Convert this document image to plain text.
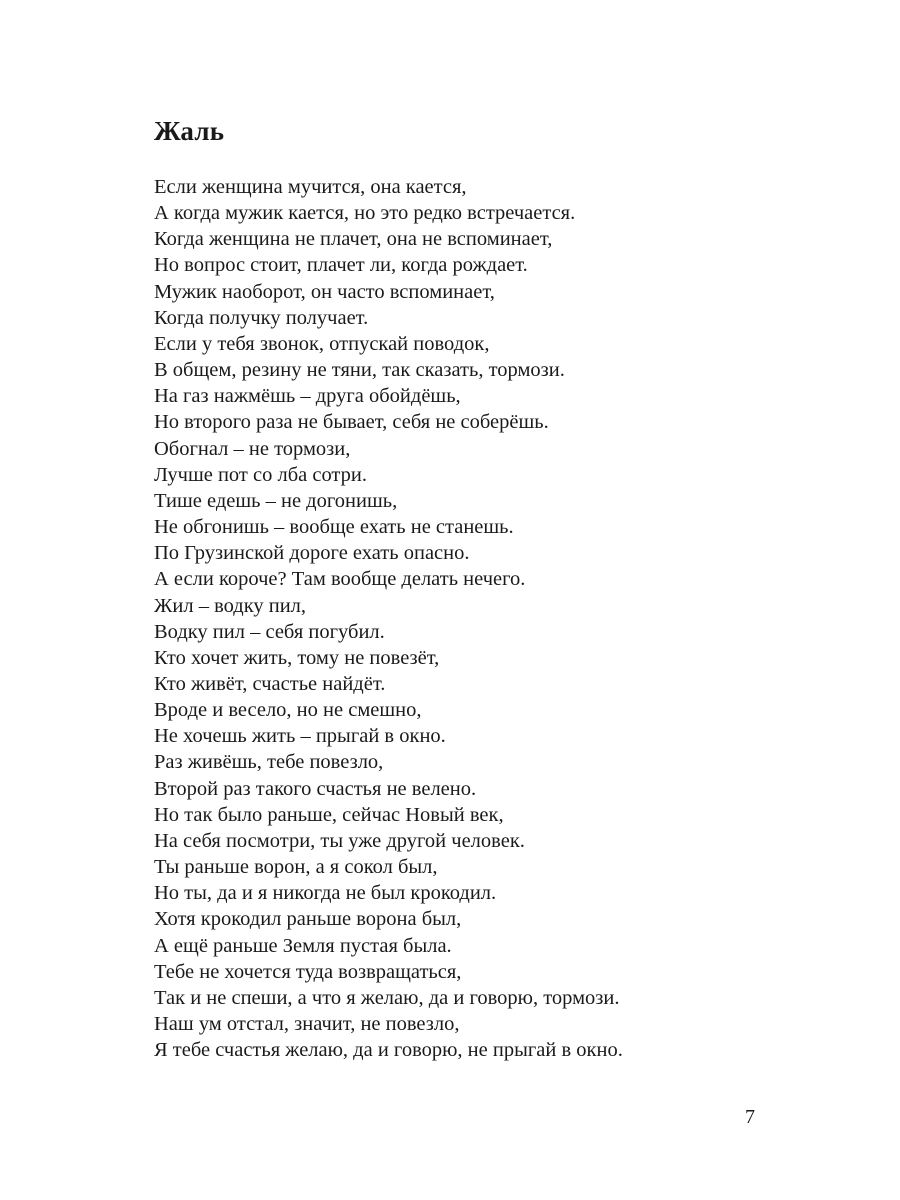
Жаль
Если женщина мучится, она кается,
А когда мужик кается, но это редко встречается.
Когда женщина не плачет, она не вспоминает,
Но вопрос стоит, плачет ли, когда рождает.
Мужик наоборот, он часто вспоминает,
Когда получку получает.
Если у тебя звонок, отпускай поводок,
В общем, резину не тяни, так сказать, тормози.
На газ нажмёшь – друга обойдёшь,
Но второго раза не бывает, себя не соберёшь.
Обогнал – не тормози,
Лучше пот со лба сотри.
Тише едешь – не догонишь,
Не обгонишь – вообще ехать не станешь.
По Грузинской дороге ехать опасно.
А если короче? Там вообще делать нечего.
Жил – водку пил,
Водку пил – себя погубил.
Кто хочет жить, тому не повезёт,
Кто живёт, счастье найдёт.
Вроде и весело, но не смешно,
Не хочешь жить – прыгай в окно.
Раз живёшь, тебе повезло,
Второй раз такого счастья не велено.
Но так было раньше, сейчас Новый век,
На себя посмотри, ты уже другой человек.
Ты раньше ворон, а я сокол был,
Но ты, да и я никогда не был крокодил.
Хотя крокодил раньше ворона был,
А ещё раньше Земля пустая была.
Тебе не хочется туда возвращаться,
Так и не спеши, а что я желаю, да и говорю, тормози.
Наш ум отстал, значит, не повезло,
Я тебе счастья желаю, да и говорю, не прыгай в окно.
7
